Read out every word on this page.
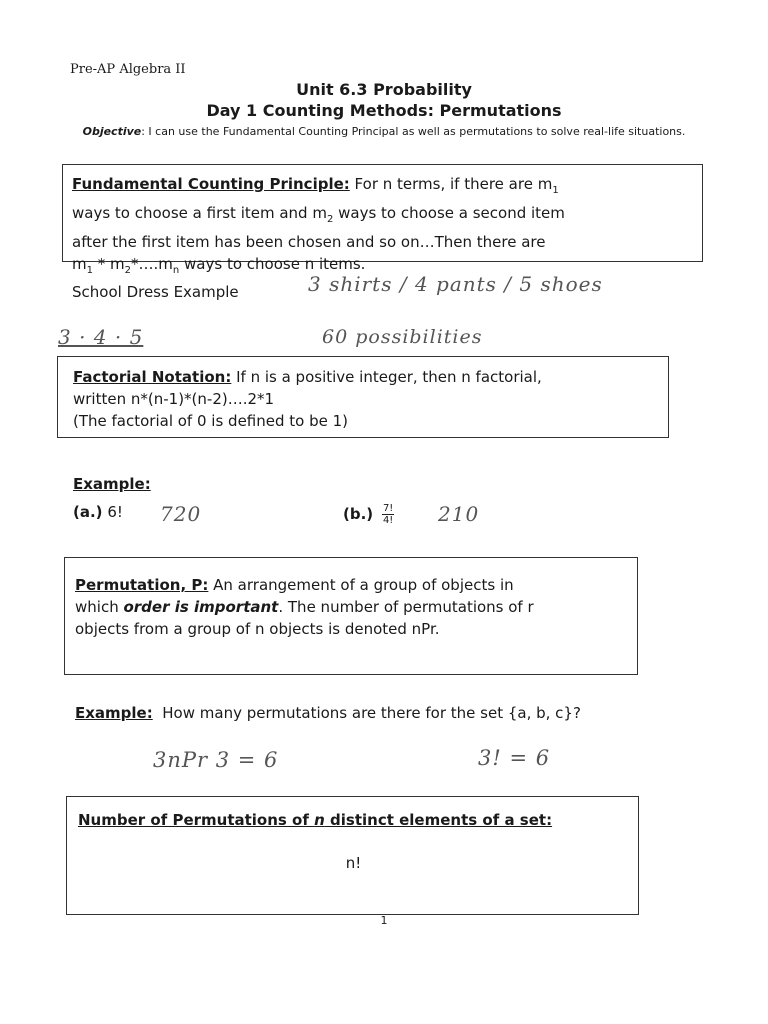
Pre-AP Algebra II
Unit 6.3 Probability
Day 1 Counting Methods: Permutations
Objective: I can use the Fundamental Counting Principal as well as permutations to solve real-life situations.
Fundamental Counting Principle: For n terms, if there are $m_1$
ways to choose a first item and $m_2$ ways to choose a second item
after the first item has been chosen and so on…Then there are
$m_1$ * $m_2*\dots.m_n$ ways to choose n items.
School Dress Example	3 shirts / 4 pants / 5 shoes
3 · 4 · 5	60 possibilities
Factorial Notation: If n is a positive integer, then n factorial,
written n*(n-1)*(n-2)….2*1
(The factorial of 0 is defined to be 1)
Example:
(a.) 6! 720	$(b.) \frac{7!}{4!} 210$
Permutation, P: An arrangement of a group of objects in
which order is important. The number of permutations of r
objects from a group of n objects is denoted nPr.
Example: How many permutations are there for the set {a, b, c}?
3nPr 3 = 6	3! = 6
Number of Permutations of n distinct elements of a set:
n!
1
